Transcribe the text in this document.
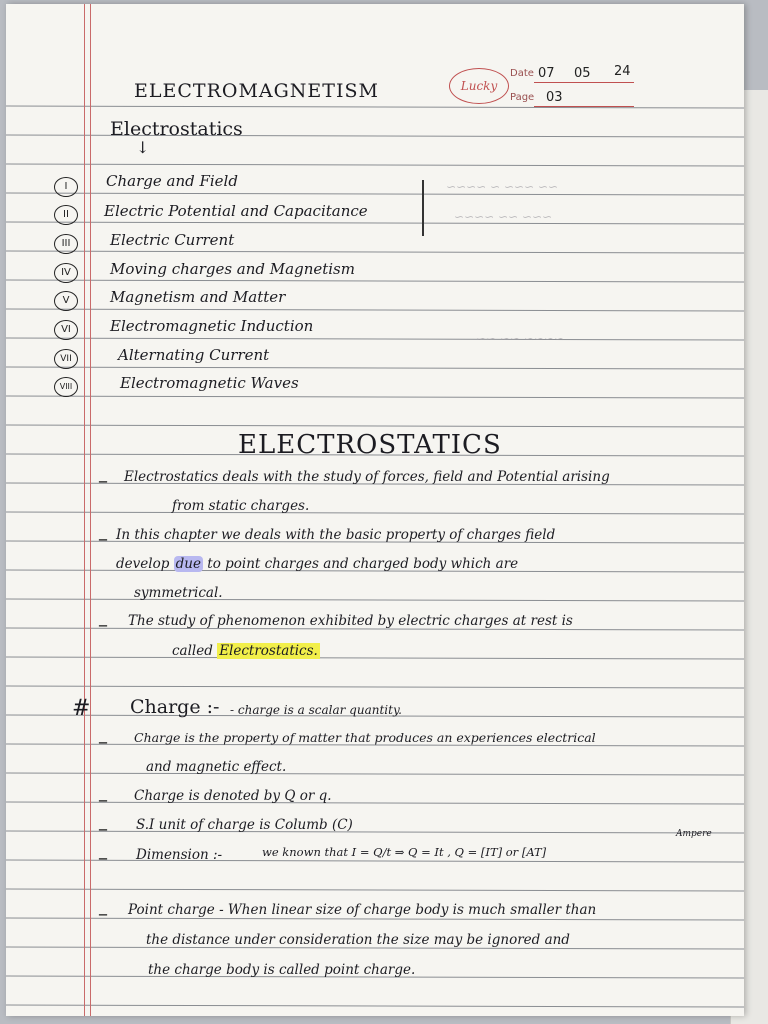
ELECTROMAGNETISM	Lucky
Date 07 05 24
Page 03
Electrostatics
↓
I	Charge and Field
II	Electric Potential and Capacitance
III	Electric Current
IV	Moving charges and Magnetism
V	Magnetism and Matter
VI	Electromagnetic Induction
VII	Alternating Current
VIII	Electromagnetic Waves
~~ ~~~ ~ ~~~~
~~~ ~~ ~~~~
~~~~ ~~ ~~
ELECTROSTATICS
– Electrostatics deals with the study of forces, field and Potential arising
from static charges.
– In this chapter we deals with the basic property of charges field
develop due to point charges and charged body which are
symmetrical.
– The study of phenomenon exhibited by electric charges at rest is
called Electrostatics.
# Charge :- - charge is a scalar quantity.
– Charge is the property of matter that produces an experiences electrical
and magnetic effect.
– Charge is denoted by Q or q.
– S.I unit of charge is Columb (C)
– Dimension :-	we known that I = Q/t ⇒ Q = It , Q = [IT] or [AT]
Ampere
– Point charge - When linear size of charge body is much smaller than
the distance under consideration the size may be ignored and
the charge body is called point charge.
